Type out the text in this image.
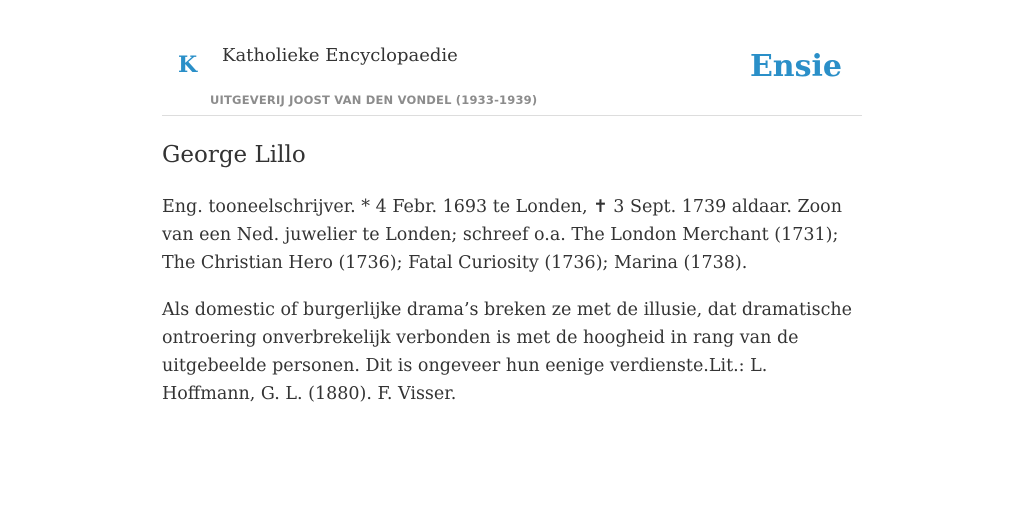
K Katholieke Encyclopaedie
UITGEVERIJ JOOST VAN DEN VONDEL (1933-1939)
Ensie
George Lillo

Eng. tooneelschrijver. * 4 Febr. 1693 te Londen, ✝ 3 Sept. 1739 aldaar. Zoon van een Ned. juwelier te Londen; schreef o.a. The London Merchant (1731); The Christian Hero (1736); Fatal Curiosity (1736); Marina (1738).

Als domestic of burgerlijke drama’s breken ze met de illusie, dat dramatische ontroering onverbrekelijk verbonden is met de hoogheid in rang van de uitgebeelde personen. Dit is ongeveer hun eenige verdienste.Lit.: L. Hoffmann, G. L. (1880). F. Visser.
